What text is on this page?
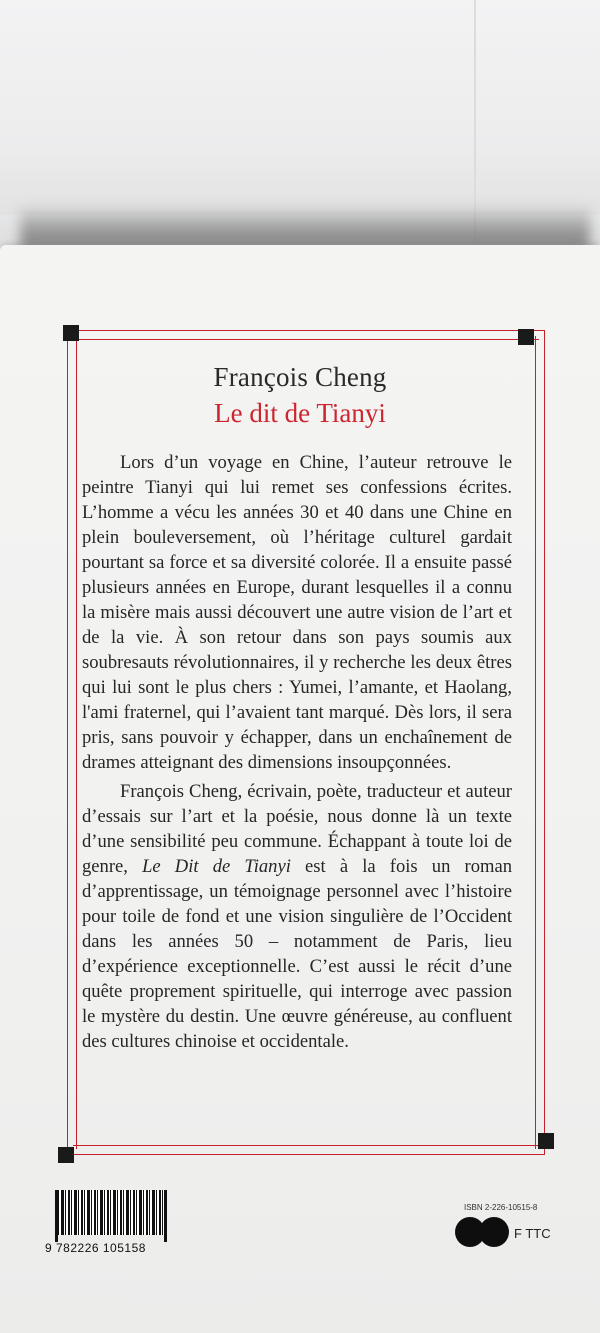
François Cheng
Le dit de Tianyi

Lors d’un voyage en Chine, l’auteur retrouve le peintre Tianyi qui lui remet ses confessions écrites. L’homme a vécu les années 30 et 40 dans une Chine en plein bouleversement, où l’héritage culturel gardait pourtant sa force et sa diversité colorée. Il a ensuite passé plusieurs années en Europe, durant lesquelles il a connu la misère mais aussi découvert une autre vision de l’art et de la vie. À son retour dans son pays soumis aux soubresauts révolutionnaires, il y recherche les deux êtres qui lui sont le plus chers : Yumei, l’amante, et Haolang, l'ami fraternel, qui l’avaient tant marqué. Dès lors, il sera pris, sans pouvoir y échapper, dans un enchaînement de drames atteignant des dimensions insoupçonnées.

François Cheng, écrivain, poète, traducteur et auteur d’essais sur l’art et la poésie, nous donne là un texte d’une sensibilité peu commune. Échappant à toute loi de genre, Le Dit de Tianyi est à la fois un roman d’apprentissage, un témoignage personnel avec l’histoire pour toile de fond et une vision singulière de l’Occident dans les années 50 – notamment de Paris, lieu d’expérience exceptionnelle. C’est aussi le récit d’une quête proprement spirituelle, qui interroge avec passion le mystère du destin. Une œuvre généreuse, au confluent des cultures chinoise et occidentale.

9 782226 105158
ISBN 2-226-10515-8
F TTC
